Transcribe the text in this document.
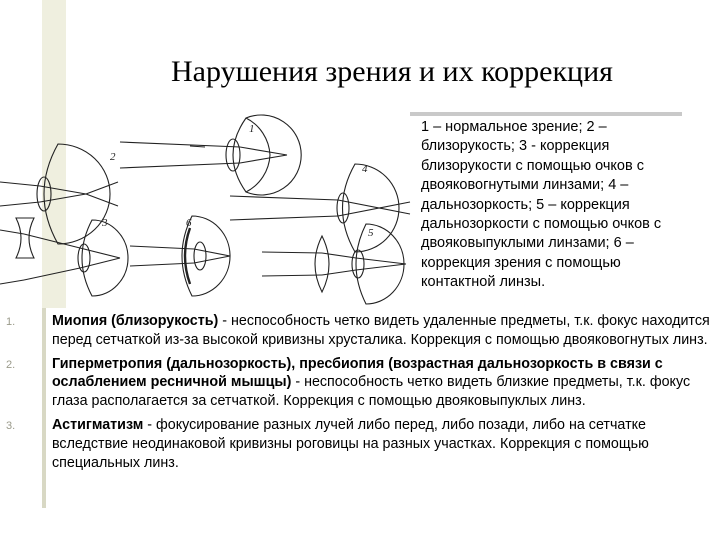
Нарушения зрения и их коррекция
1
2
3
4
5
6
1 – нормальное зрение; 2 – близорукость; 3 - коррекция близорукости с помощью очков с двояковогнутыми линзами; 4 – дальнозоркость; 5 – коррекция дальнозоркости с помощью очков с двояковыпуклыми линзами; 6 – коррекция зрения с помощью контактной линзы.
1.	Миопия (близорукость) - неспособность четко видеть удаленные предметы, т.к. фокус находится перед сетчаткой из-за высокой кривизны хрусталика. Коррекция с помощью двояковогнутых линз.
2.	Гиперметропия (дальнозоркость), пресбиопия (возрастная дальнозоркость в связи с ослаблением ресничной мышцы) - неспособность четко видеть близкие предметы, т.к. фокус глаза располагается за сетчаткой. Коррекция с помощью двояковыпуклых линз.
3.	Астигматизм - фокусирование разных лучей либо перед, либо позади, либо на сетчатке вследствие неодинаковой кривизны роговицы на разных участках. Коррекция с помощью специальных линз.
